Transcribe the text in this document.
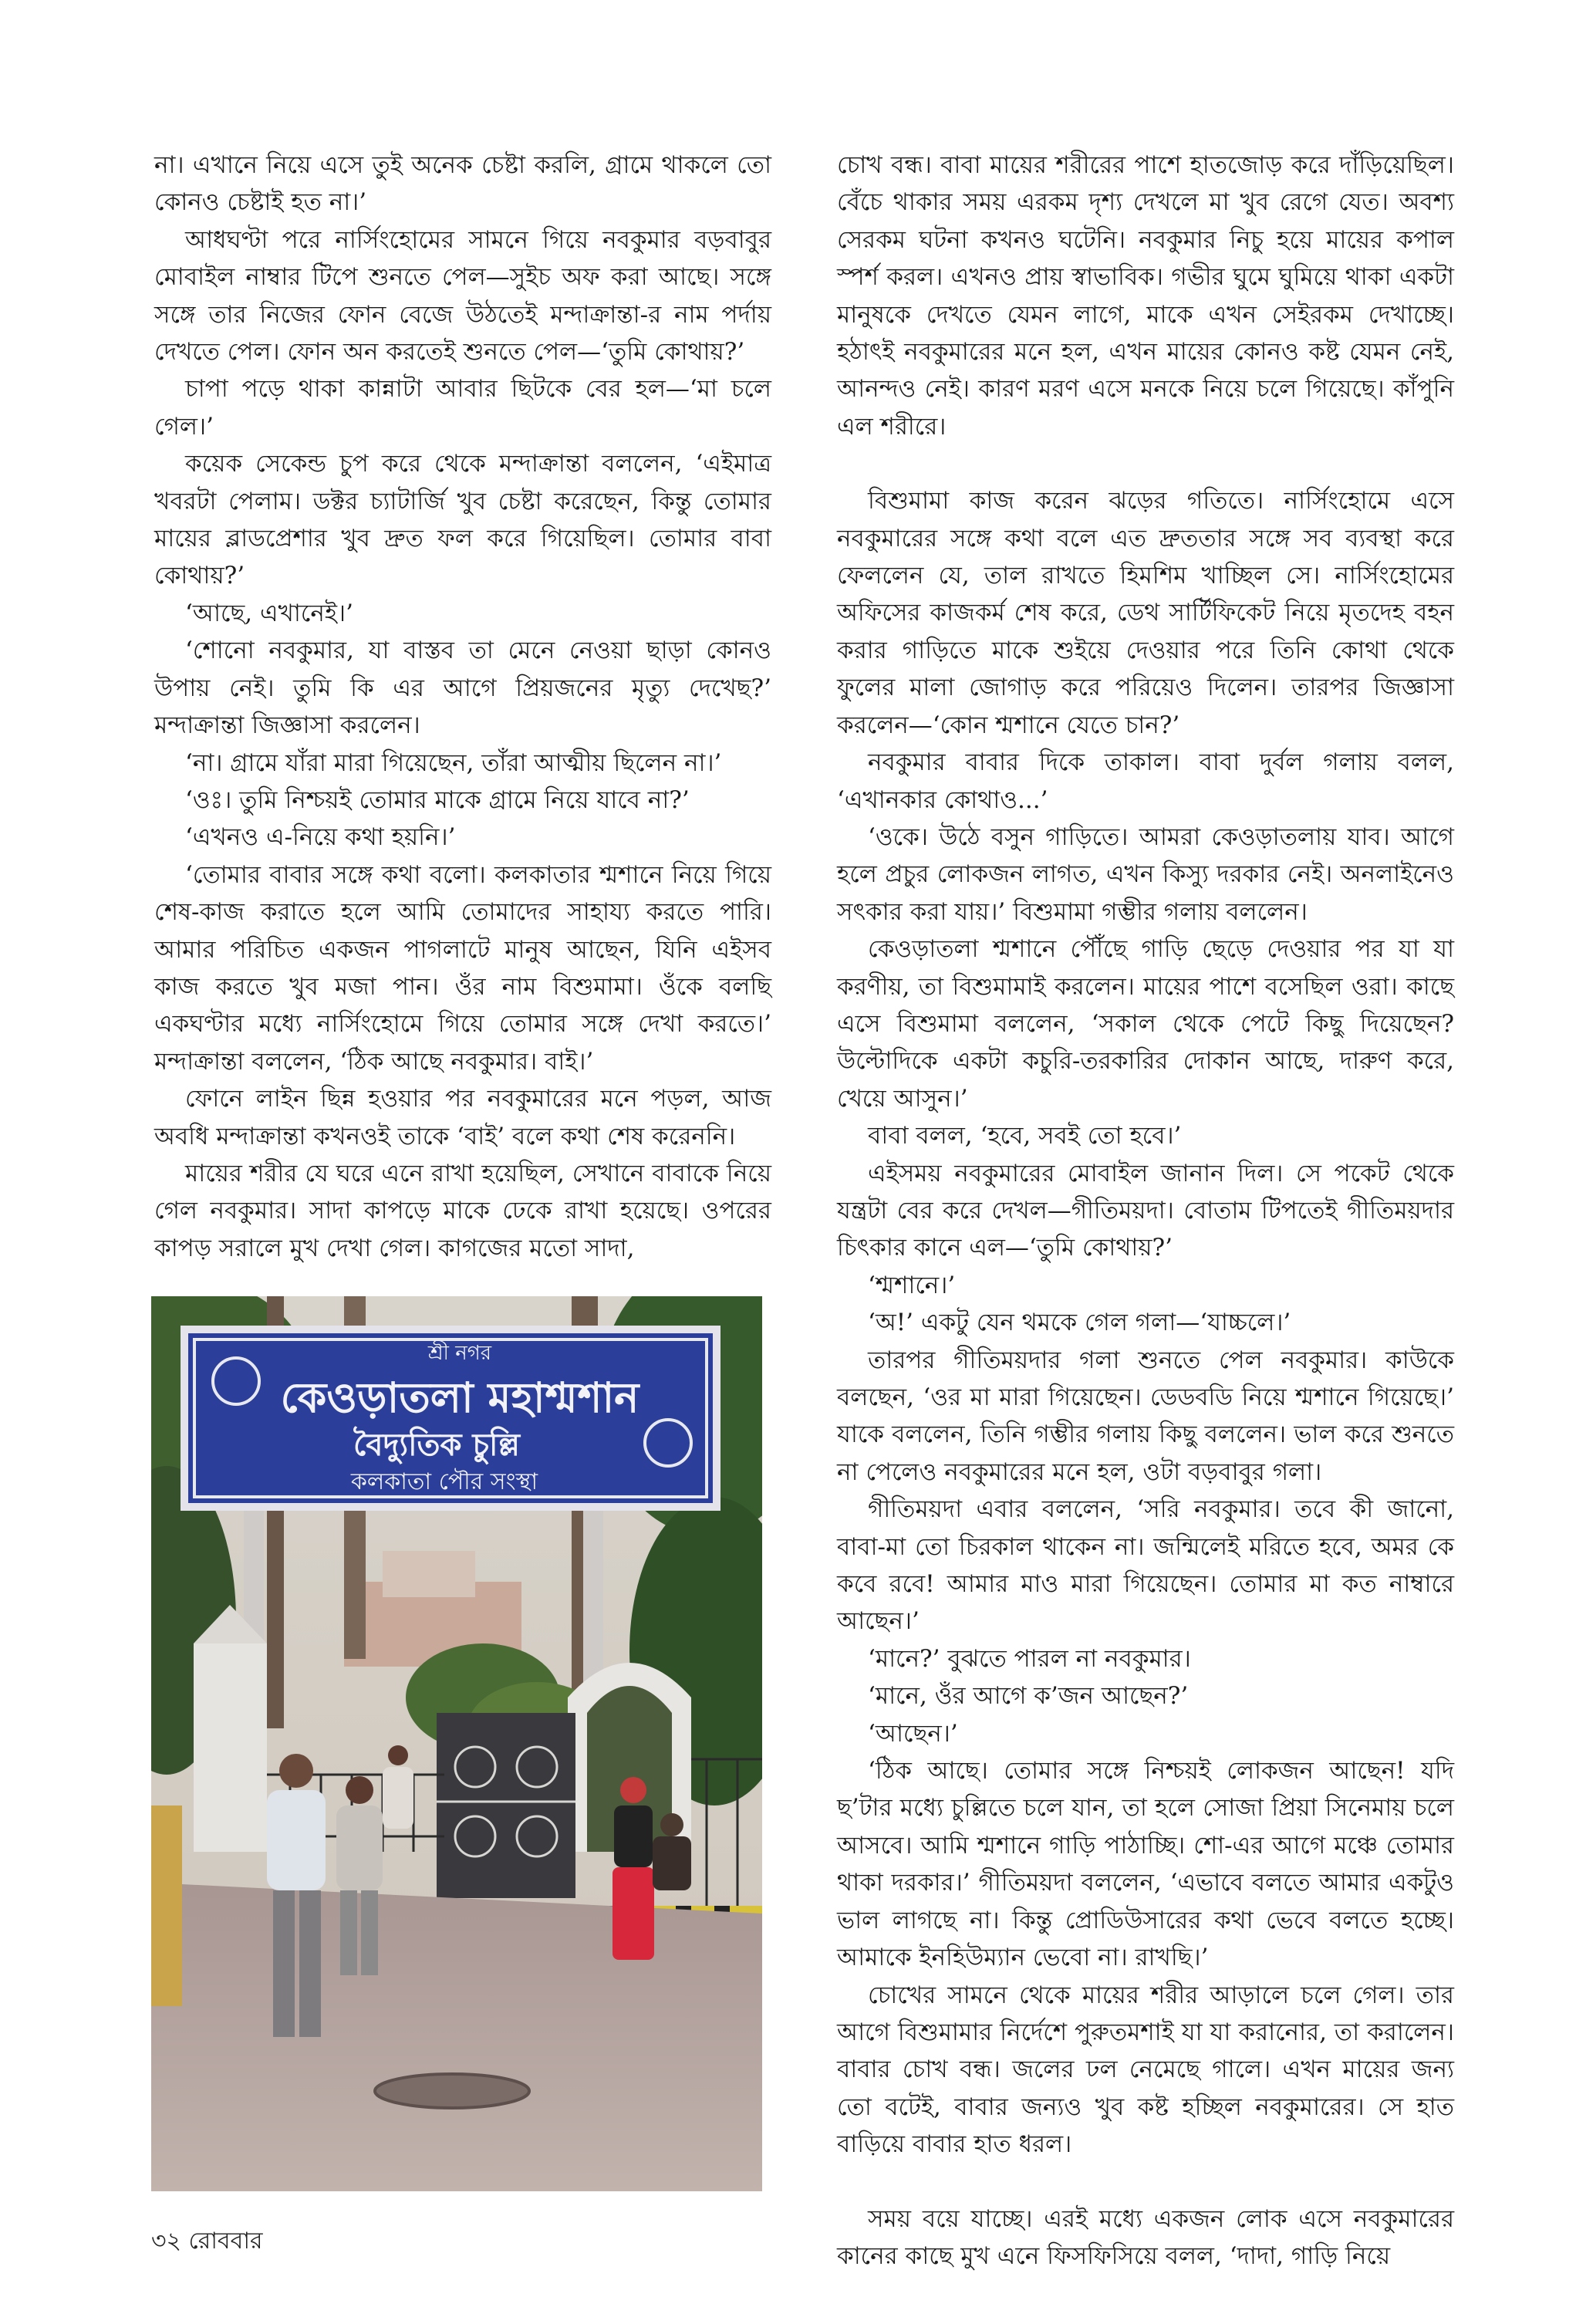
না। এখানে নিয়ে এসে তুই অনেক চেষ্টা করলি, গ্রামে থাকলে তো কোনও চেষ্টাই হত না।’

আধঘণ্টা পরে নার্সিংহোমের সামনে গিয়ে নবকুমার বড়বাবুর মোবাইল নাম্বার টিপে শুনতে পেল—সুইচ অফ করা আছে। সঙ্গে সঙ্গে তার নিজের ফোন বেজে উঠতেই মন্দাক্রান্তা-র নাম পর্দায় দেখতে পেল। ফোন অন করতেই শুনতে পেল—‘তুমি কোথায়?’

চাপা পড়ে থাকা কান্নাটা আবার ছিটকে বের হল—‘মা চলে গেল।’

কয়েক সেকেন্ড চুপ করে থেকে মন্দাক্রান্তা বললেন, ‘এইমাত্র খবরটা পেলাম। ডক্টর চ্যাটার্জি খুব চেষ্টা করেছেন, কিন্তু তোমার মায়ের ব্লাডপ্রেশার খুব দ্রুত ফল করে গিয়েছিল। তোমার বাবা কোথায়?’

‘আছে, এখানেই।’

‘শোনো নবকুমার, যা বাস্তব তা মেনে নেওয়া ছাড়া কোনও উপায় নেই। তুমি কি এর আগে প্রিয়জনের মৃত্যু দেখেছ?’ মন্দাক্রান্তা জিজ্ঞাসা করলেন।

‘না। গ্রামে যাঁরা মারা গিয়েছেন, তাঁরা আত্মীয় ছিলেন না।’

‘ওঃ। তুমি নিশ্চয়ই তোমার মাকে গ্রামে নিয়ে যাবে না?’

‘এখনও এ-নিয়ে কথা হয়নি।’

‘তোমার বাবার সঙ্গে কথা বলো। কলকাতার শ্মশানে নিয়ে গিয়ে শেষ-কাজ করাতে হলে আমি তোমাদের সাহায্য করতে পারি। আমার পরিচিত একজন পাগলাটে মানুষ আছেন, যিনি এইসব কাজ করতে খুব মজা পান। ওঁর নাম বিশুমামা। ওঁকে বলছি একঘণ্টার মধ্যে নার্সিংহোমে গিয়ে তোমার সঙ্গে দেখা করতে।’ মন্দাক্রান্তা বললেন, ‘ঠিক আছে নবকুমার। বাই।’

ফোনে লাইন ছিন্ন হওয়ার পর নবকুমারের মনে পড়ল, আজ অবধি মন্দাক্রান্তা কখনওই তাকে ‘বাই’ বলে কথা শেষ করেননি।

মায়ের শরীর যে ঘরে এনে রাখা হয়েছিল, সেখানে বাবাকে নিয়ে গেল নবকুমার। সাদা কাপড়ে মাকে ঢেকে রাখা হয়েছে। ওপরের কাপড় সরালে মুখ দেখা গেল। কাগজের মতো সাদা,

চোখ বন্ধ। বাবা মায়ের শরীরের পাশে হাতজোড় করে দাঁড়িয়েছিল। বেঁচে থাকার সময় এরকম দৃশ্য দেখলে মা খুব রেগে যেত। অবশ্য সেরকম ঘটনা কখনও ঘটেনি। নবকুমার নিচু হয়ে মায়ের কপাল স্পর্শ করল। এখনও প্রায় স্বাভাবিক। গভীর ঘুমে ঘুমিয়ে থাকা একটা মানুষকে দেখতে যেমন লাগে, মাকে এখন সেইরকম দেখাচ্ছে। হঠাৎই নবকুমারের মনে হল, এখন মায়ের কোনও কষ্ট যেমন নেই, আনন্দও নেই। কারণ মরণ এসে মনকে নিয়ে চলে গিয়েছে। কাঁপুনি এল শরীরে।

বিশুমামা কাজ করেন ঝড়ের গতিতে। নার্সিংহোমে এসে নবকুমারের সঙ্গে কথা বলে এত দ্রুততার সঙ্গে সব ব্যবস্থা করে ফেললেন যে, তাল রাখতে হিমশিম খাচ্ছিল সে। নার্সিংহোমের অফিসের কাজকর্ম শেষ করে, ডেথ সার্টিফিকেট নিয়ে মৃতদেহ বহন করার গাড়িতে মাকে শুইয়ে দেওয়ার পরে তিনি কোথা থেকে ফুলের মালা জোগাড় করে পরিয়েও দিলেন। তারপর জিজ্ঞাসা করলেন—‘কোন শ্মশানে যেতে চান?’

নবকুমার বাবার দিকে তাকাল। বাবা দুর্বল গলায় বলল, ‘এখানকার কোথাও...’

‘ওকে। উঠে বসুন গাড়িতে। আমরা কেওড়াতলায় যাব। আগে হলে প্রচুর লোকজন লাগত, এখন কিস্যু দরকার নেই। অনলাইনেও সৎকার করা যায়।’ বিশুমামা গম্ভীর গলায় বললেন।

কেওড়াতলা শ্মশানে পৌঁছে গাড়ি ছেড়ে দেওয়ার পর যা যা করণীয়, তা বিশুমামাই করলেন। মায়ের পাশে বসেছিল ওরা। কাছে এসে বিশুমামা বললেন, ‘সকাল থেকে পেটে কিছু দিয়েছেন? উল্টোদিকে একটা কচুরি-তরকারির দোকান আছে, দারুণ করে, খেয়ে আসুন।’

বাবা বলল, ‘হবে, সবই তো হবে।’

এইসময় নবকুমারের মোবাইল জানান দিল। সে পকেট থেকে যন্ত্রটা বের করে দেখল—গীতিময়দা। বোতাম টিপতেই গীতিময়দার চিৎকার কানে এল—‘তুমি কোথায়?’

‘শ্মশানে।’

‘অ!’ একটু যেন থমকে গেল গলা—‘যাচ্চলে।’

তারপর গীতিময়দার গলা শুনতে পেল নবকুমার। কাউকে বলছেন, ‘ওর মা মারা গিয়েছেন। ডেডবডি নিয়ে শ্মশানে গিয়েছে।’ যাকে বললেন, তিনি গম্ভীর গলায় কিছু বললেন। ভাল করে শুনতে না পেলেও নবকুমারের মনে হল, ওটা বড়বাবুর গলা।

গীতিময়দা এবার বললেন, ‘সরি নবকুমার। তবে কী জানো, বাবা-মা তো চিরকাল থাকেন না। জন্মিলেই মরিতে হবে, অমর কে কবে রবে! আমার মাও মারা গিয়েছেন। তোমার মা কত নাম্বারে আছেন।’

‘মানে?’ বুঝতে পারল না নবকুমার।

‘মানে, ওঁর আগে ক’জন আছেন?’

‘আছেন।’

‘ঠিক আছে। তোমার সঙ্গে নিশ্চয়ই লোকজন আছেন! যদি ছ’টার মধ্যে চুল্লিতে চলে যান, তা হলে সোজা প্রিয়া সিনেমায় চলে আসবে। আমি শ্মশানে গাড়ি পাঠাচ্ছি। শো-এর আগে মঞ্চে তোমার থাকা দরকার।’ গীতিময়দা বললেন, ‘এভাবে বলতে আমার একটুও ভাল লাগছে না। কিন্তু প্রোডিউসারের কথা ভেবে বলতে হচ্ছে। আমাকে ইনহিউম্যান ভেবো না। রাখছি।’

চোখের সামনে থেকে মায়ের শরীর আড়ালে চলে গেল। তার আগে বিশুমামার নির্দেশে পুরুতমশাই যা যা করানোর, তা করালেন। বাবার চোখ বন্ধ। জলের ঢল নেমেছে গালে। এখন মায়ের জন্য তো বটেই, বাবার জন্যও খুব কষ্ট হচ্ছিল নবকুমারের। সে হাত বাড়িয়ে বাবার হাত ধরল।

সময় বয়ে যাচ্ছে। এরই মধ্যে একজন লোক এসে নবকুমারের কানের কাছে মুখ এনে ফিসফিসিয়ে বলল, ‘দাদা, গাড়ি নিয়ে

শ্রী নগর
কেওড়াতলা মহাশ্মশান
বৈদ্যুতিক চুল্লি
কলকাতা পৌর সংস্থা
৩২ রোববার
